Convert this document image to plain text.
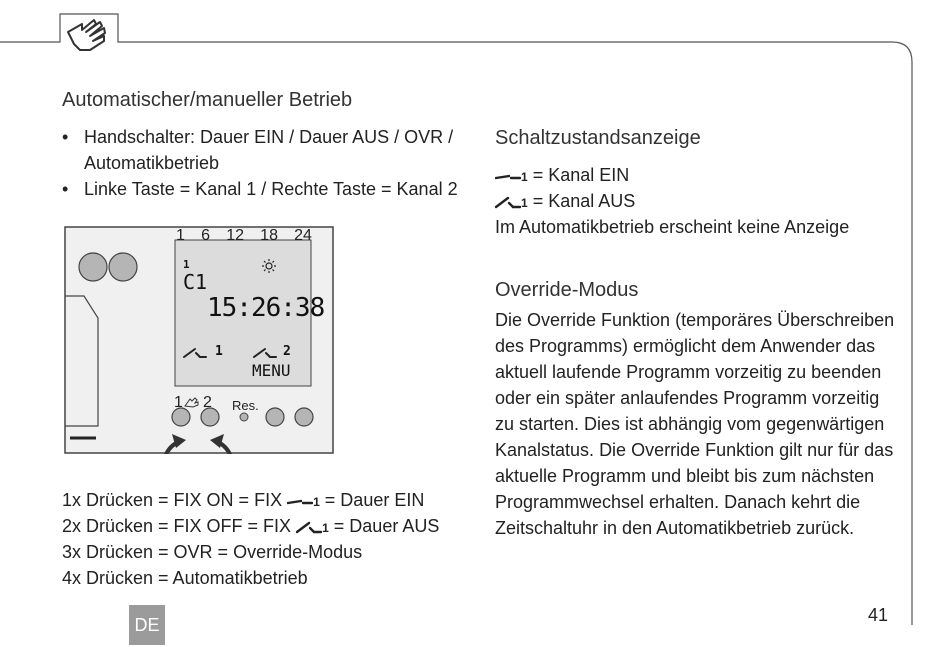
Automatischer/manueller Betrieb
• Handschalter: Dauer EIN / Dauer AUS / OVR / Automatikbetrieb
• Linke Taste = Kanal 1 / Rechte Taste = Kanal 2
1 6 12 18 24
1
C1
15:26:38
1	2
MENU
1 2 Res.
1x Drücken = FIX ON = FIX	1 = Dauer EIN
2x Drücken = FIX OFF = FIX	1 = Dauer AUS
3x Drücken = OVR = Override-Modus
4x Drücken = Automatikbetrieb
Schaltzustandsanzeige
1 = Kanal EIN
1 = Kanal AUS
Im Automatikbetrieb erscheint keine Anzeige
Override-Modus
Die Override Funktion (temporäres Überschreiben
des Programms) ermöglicht dem Anwender das
aktuell laufende Programm vorzeitig zu beenden
oder ein später anlaufendes Programm vorzeitig
zu starten. Dies ist abhängig vom gegenwärtigen
Kanalstatus. Die Override Funktion gilt nur für das
aktuelle Programm und bleibt bis zum nächsten
Programmwechsel erhalten. Danach kehrt die
Zeitschaltuhr in den Automatikbetrieb zurück.
DE	41
